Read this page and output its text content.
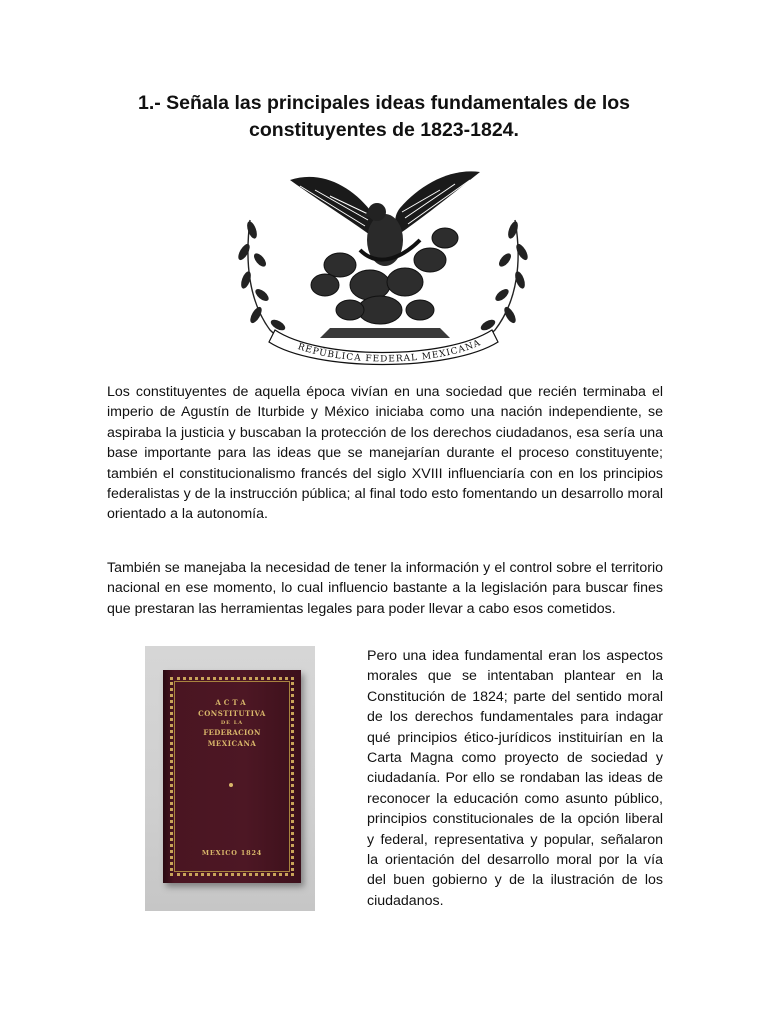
1.- Señala las principales ideas fundamentales de los constituyentes de 1823-1824.
REPÚBLICA FEDERAL MEXICANA

Los constituyentes de aquella época vivían en una sociedad que recién terminaba el imperio de Agustín de Iturbide y México iniciaba como una nación independiente, se aspiraba la justicia y buscaban la protección de los derechos ciudadanos, esa sería una base importante para las ideas que se manejarían durante el proceso constituyente; también el constitucionalismo francés del siglo XVIII influenciaría con en los principios federalistas y de la instrucción pública; al final todo esto fomentando un desarrollo moral orientado a la autonomía.

También se manejaba la necesidad de tener la información y el control sobre el territorio nacional en ese momento, lo cual influencio bastante a la legislación para buscar fines que prestaran las herramientas legales para poder llevar a cabo esos cometidos.

ACTA
CONSTITUTIVA
DE LA
FEDERACION
MEXICANA
MEXICO 1824

Pero una idea fundamental eran los aspectos morales que se intentaban plantear en la Constitución de 1824; parte del sentido moral de los derechos fundamentales para indagar qué principios ético-jurídicos instituirían en la Carta Magna como proyecto de sociedad y ciudadanía. Por ello se rondaban las ideas de reconocer la educación como asunto público, principios constitucionales de la opción liberal y federal, representativa y popular, señalaron la orientación del desarrollo moral por la vía del buen gobierno y de la ilustración de los ciudadanos.
